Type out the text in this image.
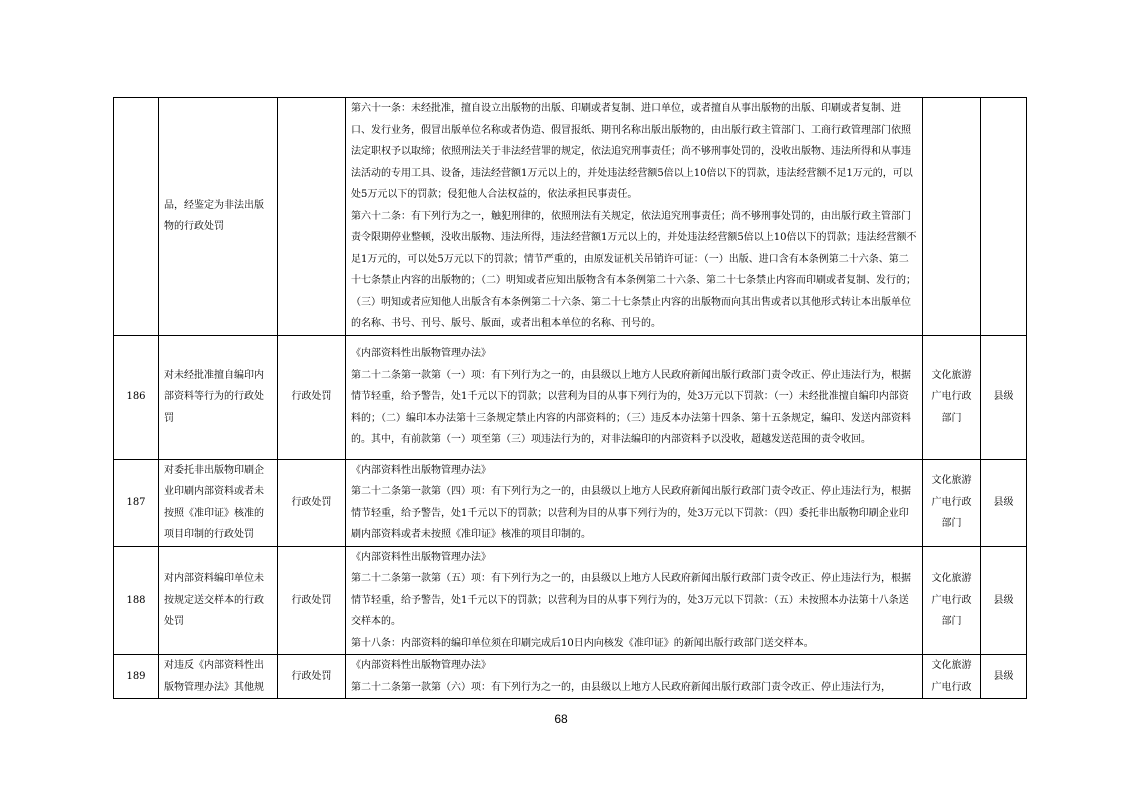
	品，经鉴定为非法出版物的行政处罚		第六十一条：未经批准，擅自设立出版物的出版、印刷或者复制、进口单位，或者擅自从事出版物的出版、印刷或者复制、进口、发行业务，假冒出版单位名称或者伪造、假冒报纸、期刊名称出版出版物的，由出版行政主管部门、工商行政管理部门依照法定职权予以取缔；依照刑法关于非法经营罪的规定，依法追究刑事责任；尚不够刑事处罚的，没收出版物、违法所得和从事违法活动的专用工具、设备，违法经营额1万元以上的，并处违法经营额5倍以上10倍以下的罚款，违法经营额不足1万元的，可以处5万元以下的罚款；侵犯他人合法权益的，依法承担民事责任。

第六十二条：有下列行为之一，触犯刑律的，依照刑法有关规定，依法追究刑事责任；尚不够刑事处罚的，由出版行政主管部门责令限期停业整顿，没收出版物、违法所得，违法经营额1万元以上的，并处违法经营额5倍以上10倍以下的罚款；违法经营额不足1万元的，可以处5万元以下的罚款；情节严重的，由原发证机关吊销许可证：（一）出版、进口含有本条例第二十六条、第二十七条禁止内容的出版物的；（二）明知或者应知出版物含有本条例第二十六条、第二十七条禁止内容而印刷或者复制、发行的；（三）明知或者应知他人出版含有本条例第二十六条、第二十七条禁止内容的出版物而向其出售或者以其他形式转让本出版单位的名称、书号、刊号、版号、版面，或者出租本单位的名称、刊号的。		

186	对未经批准擅自编印内部资料等行为的行政处罚	行政处罚	《内部资料性出版物管理办法》

第二十二条第一款第（一）项：有下列行为之一的，由县级以上地方人民政府新闻出版行政部门责令改正、停止违法行为，根据情节轻重，给予警告，处1千元以下的罚款；以营利为目的从事下列行为的，处3万元以下罚款：（一）未经批准擅自编印内部资料的；（二）编印本办法第十三条规定禁止内容的内部资料的；（三）违反本办法第十四条、第十五条规定，编印、发送内部资料的。其中，有前款第（一）项至第（三）项违法行为的，对非法编印的内部资料予以没收，超越发送范围的责令收回。	文化旅游广电行政部门	县级
187	对委托非出版物印刷企业印刷内部资料或者未按照《准印证》核准的项目印制的行政处罚	行政处罚	《内部资料性出版物管理办法》

第二十二条第一款第（四）项：有下列行为之一的，由县级以上地方人民政府新闻出版行政部门责令改正、停止违法行为，根据情节轻重，给予警告，处1千元以下的罚款；以营利为目的从事下列行为的，处3万元以下罚款：（四）委托非出版物印刷企业印刷内部资料或者未按照《准印证》核准的项目印制的。	文化旅游广电行政部门	县级
188	对内部资料编印单位未按规定送交样本的行政处罚	行政处罚	《内部资料性出版物管理办法》

第二十二条第一款第（五）项：有下列行为之一的，由县级以上地方人民政府新闻出版行政部门责令改正、停止违法行为，根据情节轻重，给予警告，处1千元以下的罚款；以营利为目的从事下列行为的，处3万元以下罚款：（五）未按照本办法第十八条送交样本的。

第十八条：内部资料的编印单位须在印刷完成后10日内向核发《准印证》的新闻出版行政部门送交样本。	文化旅游广电行政部门	县级
189	对违反《内部资料性出版物管理办法》其他规	行政处罚	《内部资料性出版物管理办法》

第二十二条第一款第（六）项：有下列行为之一的，由县级以上地方人民政府新闻出版行政部门责令改正、停止违法行为，	文化旅游广电行政	县级
68
